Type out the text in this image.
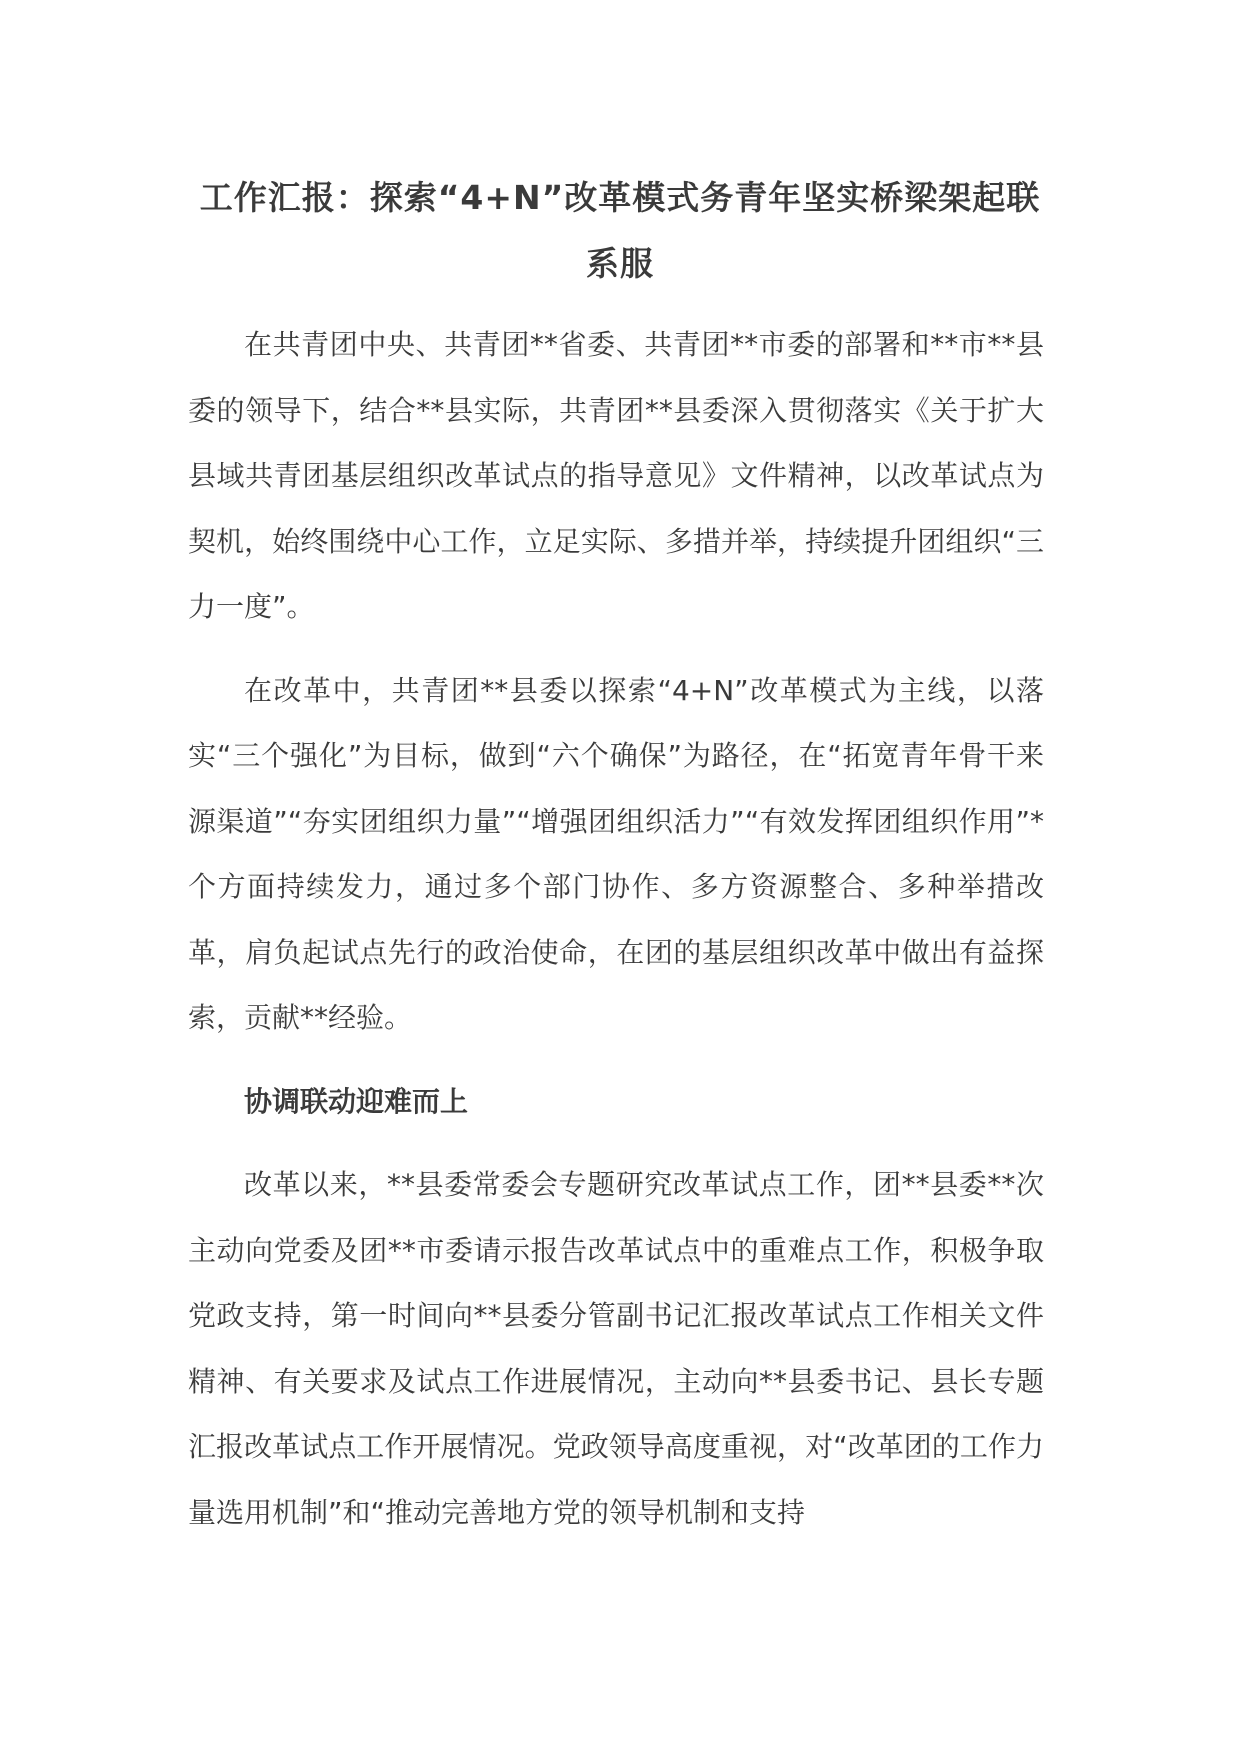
工作汇报：探索“4+N”改革模式务青年坚实桥梁架起联系服

在共青团中央、共青团**省委、共青团**市委的部署和**市**县委的领导下，结合**县实际，共青团**县委深入贯彻落实《关于扩大县域共青团基层组织改革试点的指导意见》文件精神，以改革试点为契机，始终围绕中心工作，立足实际、多措并举，持续提升团组织“三力一度”。

在改革中，共青团**县委以探索“4+N”改革模式为主线，以落实“三个强化”为目标，做到“六个确保”为路径，在“拓宽青年骨干来源渠道”“夯实团组织力量”“增强团组织活力”“有效发挥团组织作用”*个方面持续发力，通过多个部门协作、多方资源整合、多种举措改革，肩负起试点先行的政治使命，在团的基层组织改革中做出有益探索，贡献**经验。

协调联动迎难而上

改革以来，**县委常委会专题研究改革试点工作，团**县委**次主动向党委及团**市委请示报告改革试点中的重难点工作，积极争取党政支持，第一时间向**县委分管副书记汇报改革试点工作相关文件精神、有关要求及试点工作进展情况，主动向**县委书记、县长专题汇报改革试点工作开展情况。党政领导高度重视，对“改革团的工作力量选用机制”和“推动完善地方党的领导机制和支持
